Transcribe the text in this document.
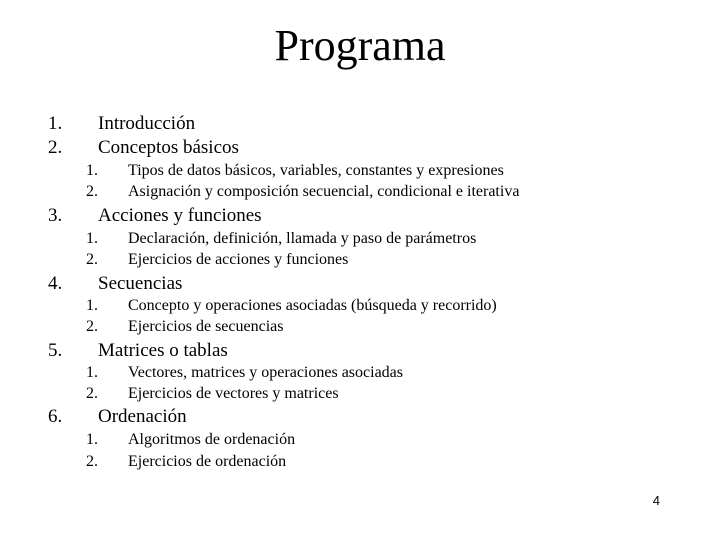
Programa
1. Introducción
2. Conceptos básicos
1. Tipos de datos básicos, variables, constantes y expresiones
2. Asignación y composición secuencial, condicional e iterativa
3. Acciones y funciones
1. Declaración, definición, llamada y paso de parámetros
2. Ejercicios de acciones y funciones
4. Secuencias
1. Concepto y operaciones asociadas (búsqueda y recorrido)
2. Ejercicios de secuencias
5. Matrices o tablas
1. Vectores, matrices y operaciones asociadas
2. Ejercicios de vectores y matrices
6. Ordenación
1. Algoritmos de ordenación
2. Ejercicios de ordenación
4
